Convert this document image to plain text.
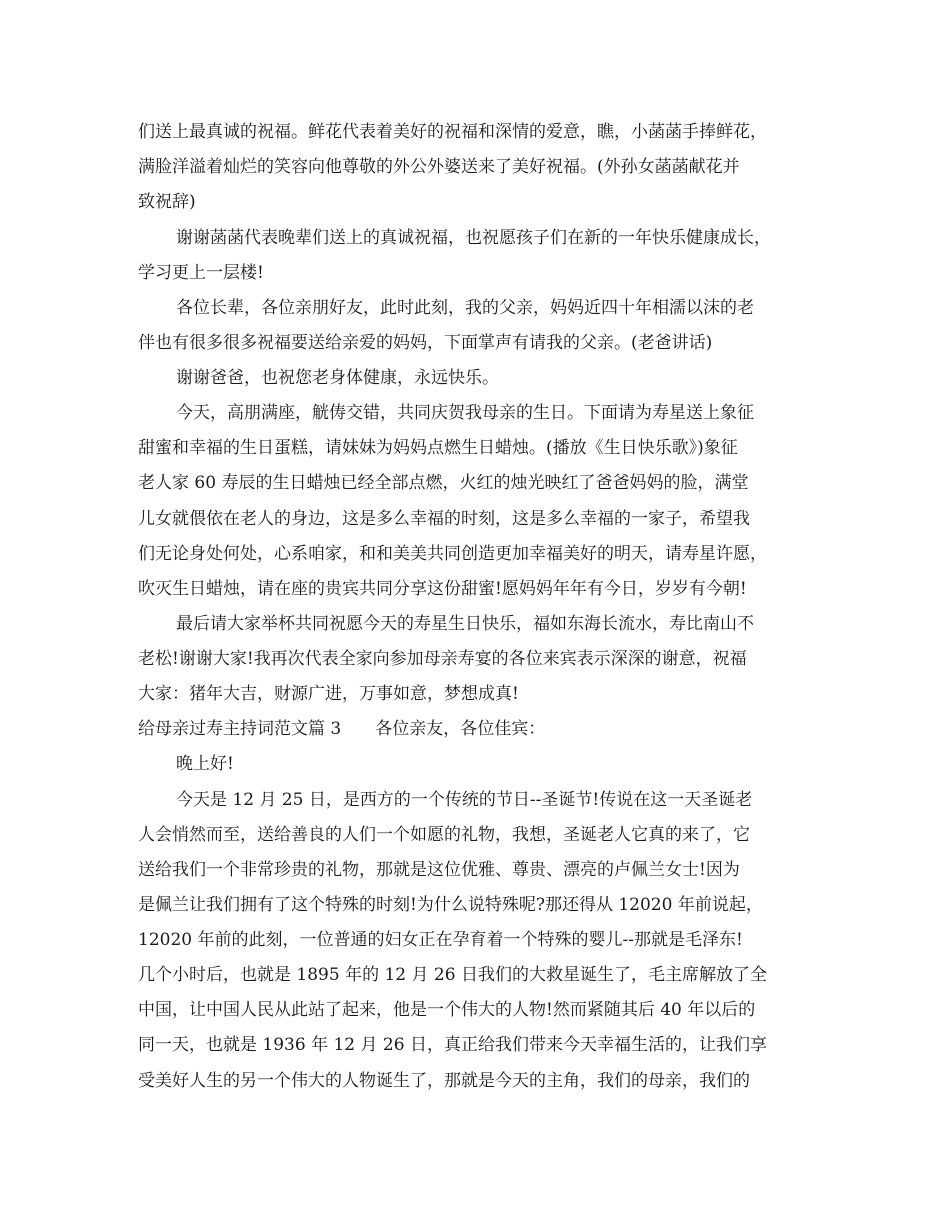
们送上最真诚的祝福。鲜花代表着美好的祝福和深情的爱意，瞧，小菡菡手捧鲜花，
满脸洋溢着灿烂的笑容向他尊敬的外公外婆送来了美好祝福。(外孙女菡菡献花并
致祝辞)
谢谢菡菡代表晚辈们送上的真诚祝福，也祝愿孩子们在新的一年快乐健康成长，
学习更上一层楼!
各位长辈，各位亲朋好友，此时此刻，我的父亲，妈妈近四十年相濡以沫的老
伴也有很多很多祝福要送给亲爱的妈妈，下面掌声有请我的父亲。(老爸讲话)
谢谢爸爸，也祝您老身体健康，永远快乐。
今天，高朋满座，觥俦交错，共同庆贺我母亲的生日。下面请为寿星送上象征
甜蜜和幸福的生日蛋糕，请妹妹为妈妈点燃生日蜡烛。(播放《生日快乐歌》)象征
老人家 60 寿辰的生日蜡烛已经全部点燃，火红的烛光映红了爸爸妈妈的脸，满堂
儿女就偎依在老人的身边，这是多么幸福的时刻，这是多么幸福的一家子，希望我
们无论身处何处，心系咱家，和和美美共同创造更加幸福美好的明天，请寿星许愿，
吹灭生日蜡烛，请在座的贵宾共同分享这份甜蜜!愿妈妈年年有今日，岁岁有今朝!
最后请大家举杯共同祝愿今天的寿星生日快乐，福如东海长流水，寿比南山不
老松!谢谢大家!我再次代表全家向参加母亲寿宴的各位来宾表示深深的谢意，祝福
大家：猪年大吉，财源广进，万事如意，梦想成真!
给母亲过寿主持词范文篇 3　　各位亲友，各位佳宾：
晚上好!
今天是 12 月 25 日，是西方的一个传统的节日--圣诞节!传说在这一天圣诞老
人会悄然而至，送给善良的人们一个如愿的礼物，我想，圣诞老人它真的来了，它
送给我们一个非常珍贵的礼物，那就是这位优雅、尊贵、漂亮的卢佩兰女士!因为
是佩兰让我们拥有了这个特殊的时刻!为什么说特殊呢?那还得从 12020 年前说起，
12020 年前的此刻，一位普通的妇女正在孕育着一个特殊的婴儿--那就是毛泽东!
几个小时后，也就是 1895 年的 12 月 26 日我们的大救星诞生了，毛主席解放了全
中国，让中国人民从此站了起来，他是一个伟大的人物!然而紧随其后 40 年以后的
同一天，也就是 1936 年 12 月 26 日，真正给我们带来今天幸福生活的，让我们享
受美好人生的另一个伟大的人物诞生了，那就是今天的主角，我们的母亲，我们的
